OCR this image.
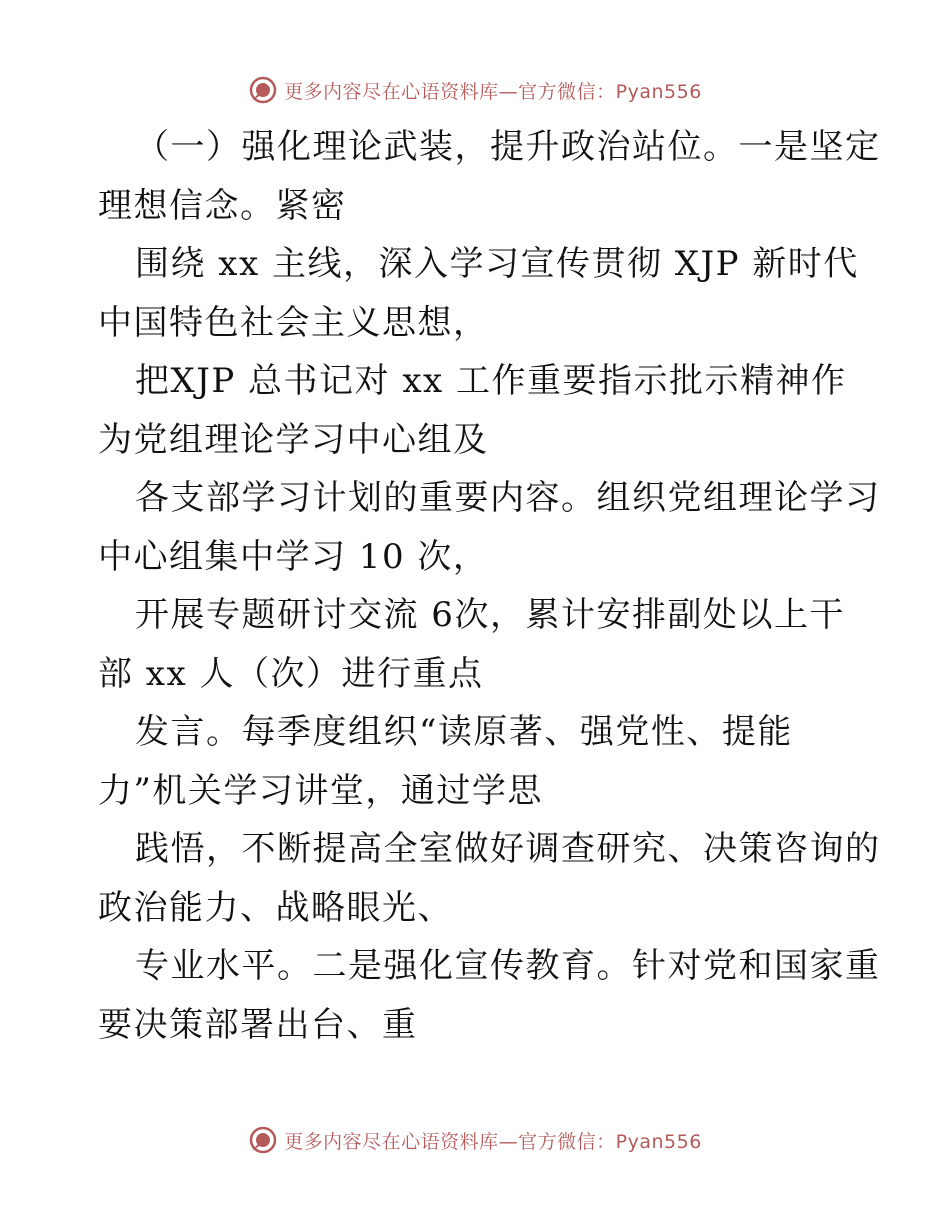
更多内容尽在心语资料库—官方微信：Pyan556
（一）强化理论武装，提升政治站位。一是坚定
理想信念。紧密
围绕 xx 主线，深入学习宣传贯彻 XJP 新时代
中国特色社会主义思想，
把XJP 总书记对 xx 工作重要指示批示精神作
为党组理论学习中心组及
各支部学习计划的重要内容。组织党组理论学习
中心组集中学习 10 次，
开展专题研讨交流 6次，累计安排副处以上干
部 xx 人（次）进行重点
发言。每季度组织“读原著、强党性、提能
力”机关学习讲堂，通过学思
践悟，不断提高全室做好调查研究、决策咨询的
政治能力、战略眼光、
专业水平。二是强化宣传教育。针对党和国家重
要决策部署出台、重
更多内容尽在心语资料库—官方微信：Pyan556
